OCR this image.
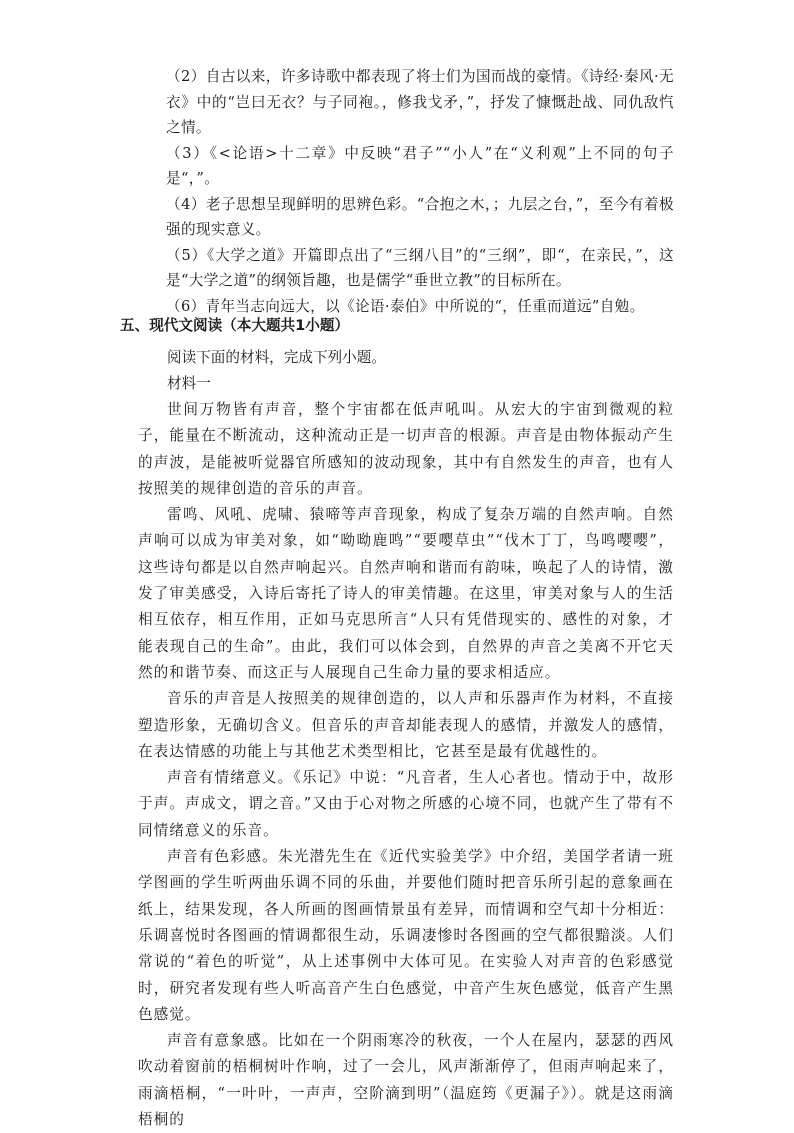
（2）自古以来，许多诗歌中都表现了将士们为国而战的豪情。《诗经·秦风·无衣》中的“岂曰无衣？与子同袍。，修我戈矛，”，抒发了慷慨赴战、同仇敌忾之情。
（3）《<论语>十二章》中反映“君子”“小人”在“义利观”上不同的句子是“，”。
（4）老子思想呈现鲜明的思辨色彩。“合抱之木，；九层之台，”，至今有着极强的现实意义。
（5）《大学之道》开篇即点出了“三纲八目”的“三纲”，即“，在亲民，”，这是“大学之道”的纲领旨趣，也是儒学“垂世立教”的目标所在。
（6）青年当志向远大，以《论语·泰伯》中所说的“，任重而道远”自勉。
五、现代文阅读（本大题共1小题）
阅读下面的材料，完成下列小题。
材料一

世间万物皆有声音，整个宇宙都在低声吼叫。从宏大的宇宙到微观的粒子，能量在不断流动，这种流动正是一切声音的根源。声音是由物体振动产生的声波，是能被听觉器官所感知的波动现象，其中有自然发生的声音，也有人按照美的规律创造的音乐的声音。

雷鸣、风吼、虎啸、猿啼等声音现象，构成了复杂万端的自然声响。自然声响可以成为审美对象，如“呦呦鹿鸣”“要嘤草虫”“伐木丁丁，鸟鸣嘤嘤”，这些诗句都是以自然声响起兴。自然声响和谐而有韵味，唤起了人的诗情，激发了审美感受，入诗后寄托了诗人的审美情趣。在这里，审美对象与人的生活相互依存，相互作用，正如马克思所言“人只有凭借现实的、感性的对象，才能表现自己的生命”。由此，我们可以体会到，自然界的声音之美离不开它天然的和谐节奏、而这正与人展现自己生命力量的要求相适应。

音乐的声音是人按照美的规律创造的，以人声和乐器声作为材料，不直接塑造形象，无确切含义。但音乐的声音却能表现人的感情，并激发人的感情，在表达情感的功能上与其他艺术类型相比，它甚至是最有优越性的。

声音有情绪意义。《乐记》中说：“凡音者，生人心者也。情动于中，故形于声。声成文，谓之音。”又由于心对物之所感的心境不同，也就产生了带有不同情绪意义的乐音。

声音有色彩感。朱光潜先生在《近代实验美学》中介绍，美国学者请一班学图画的学生听两曲乐调不同的乐曲，并要他们随时把音乐所引起的意象画在纸上，结果发现，各人所画的图画情景虽有差异，而情调和空气却十分相近：乐调喜悦时各图画的情调都很生动，乐调凄惨时各图画的空气都很黯淡。人们常说的“着色的听觉”，从上述事例中大体可见。在实验人对声音的色彩感觉时，研究者发现有些人听高音产生白色感觉，中音产生灰色感觉，低音产生黑色感觉。

声音有意象感。比如在一个阴雨寒冷的秋夜，一个人在屋内，瑟瑟的西风吹动着窗前的梧桐树叶作响，过了一会儿，风声渐渐停了，但雨声响起来了，雨滴梧桐，“一叶叶，一声声，空阶滴到明”（温庭筠《更漏子》）。就是这雨滴梧桐的
